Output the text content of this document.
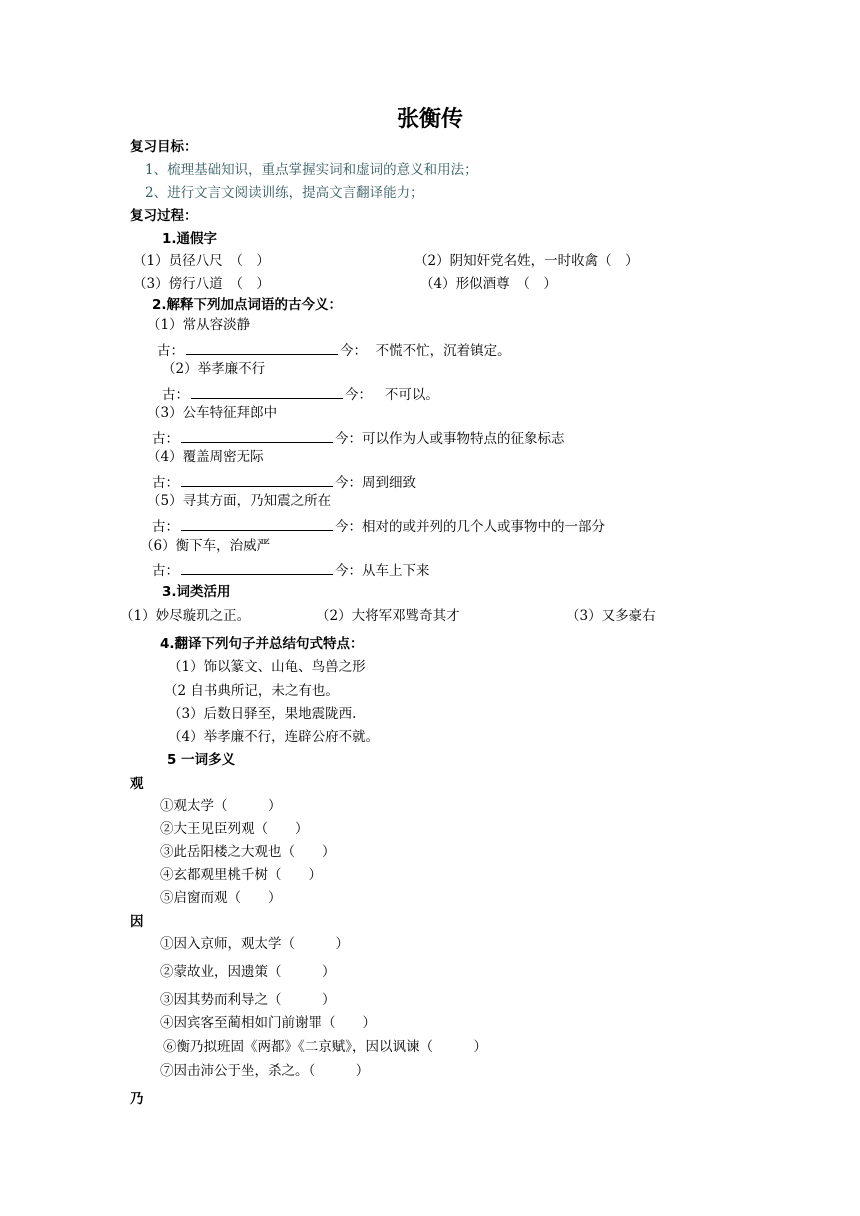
张衡传
复习目标：
1、梳理基础知识，重点掌握实词和虚词的意义和用法；
2、进行文言文阅读训练，提高文言翻译能力；
复习过程：
1.通假字
（1）员径八尺　（　）	（2）阴知奸党名姓，一时收禽（　）
（3）傍行八道　（　）	（4）形似酒尊　（　）
2.解释下列加点词语的古今义：
（1）常从容淡静
古：	今： 不慌不忙，沉着镇定。
（2）举孝廉不行
古：	今： 不可以。
（3）公车特征拜郎中
古：	今：可以作为人或事物特点的征象标志
（4）覆盖周密无际
古：	今：周到细致
（5）寻其方面，乃知震之所在
古：	今：相对的或并列的几个人或事物中的一部分
（6）衡下车，治威严
古：	今：从车上下来
3.词类活用
（1）妙尽璇玑之正。	（2）大将军邓骘奇其才	（3）又多豪右
4.翻译下列句子并总结句式特点：
（1）饰以篆文、山龟、鸟兽之形
（2 自书典所记，未之有也。
（3）后数日驿至，果地震陇西.
（4）举孝廉不行，连辟公府不就。
5 一词多义
观
①观太学（　　　）
②大王见臣列观（　　）
③此岳阳楼之大观也（　　）
④玄都观里桃千树（　　）
⑤启窗而观（　　）
因
①因入京师，观太学（　　　）
②蒙故业，因遗策（　　　）
③因其势而利导之（　　　）
④因宾客至蔺相如门前谢罪（　　）
⑥衡乃拟班固《两都》《二京赋》，因以讽谏（　　　）
⑦因击沛公于坐，杀之。（　　　）
乃
